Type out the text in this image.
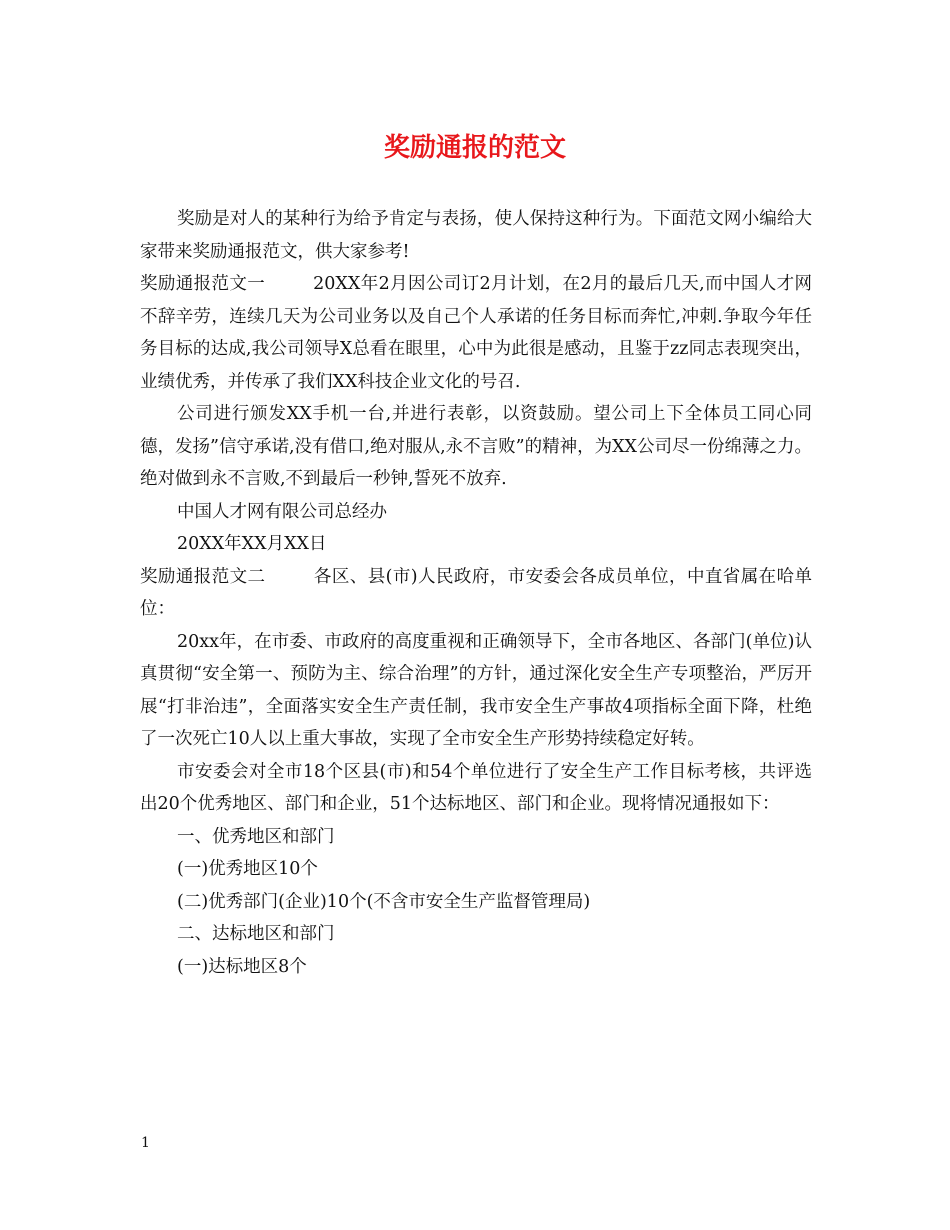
奖励通报的范文

奖励是对人的某种行为给予肯定与表扬，使人保持这种行为。下面范文网小编给大家带来奖励通报范文，供大家参考!

奖励通报范文一	20XX年2月因公司订2月计划，在2月的最后几天,而中国人才网不辞辛劳，连续几天为公司业务以及自己个人承诺的任务目标而奔忙,冲刺.争取今年任务目标的达成,我公司领导X总看在眼里，心中为此很是感动，且鉴于zz同志表现突出，业绩优秀，并传承了我们XX科技企业文化的号召.

公司进行颁发XX手机一台,并进行表彰，以资鼓励。望公司上下全体员工同心同德，发扬”信守承诺,没有借口,绝对服从,永不言败”的精神，为XX公司尽一份绵薄之力。绝对做到永不言败,不到最后一秒钟,誓死不放弃.

中国人才网有限公司总经办

20XX年XX月XX日

奖励通报范文二	各区、县(市)人民政府，市安委会各成员单位，中直省属在哈单位：

20xx年，在市委、市政府的高度重视和正确领导下，全市各地区、各部门(单位)认真贯彻“安全第一、预防为主、综合治理”的方针，通过深化安全生产专项整治，严厉开展“打非治违”，全面落实安全生产责任制，我市安全生产事故4项指标全面下降，杜绝了一次死亡10人以上重大事故，实现了全市安全生产形势持续稳定好转。

市安委会对全市18个区县(市)和54个单位进行了安全生产工作目标考核，共评选出20个优秀地区、部门和企业，51个达标地区、部门和企业。现将情况通报如下：

一、优秀地区和部门

(一)优秀地区10个

(二)优秀部门(企业)10个(不含市安全生产监督管理局)

二、达标地区和部门

(一)达标地区8个

1
